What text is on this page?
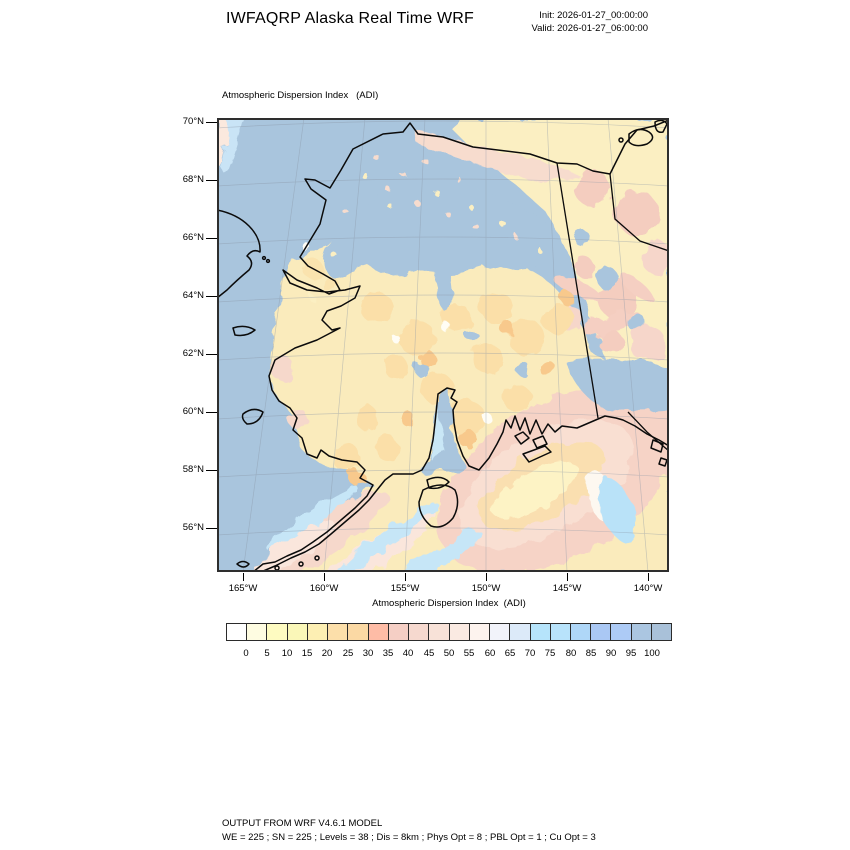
IWFAQRP Alaska Real Time WRF	Init: 2026-01-27_00:00:00
Valid: 2026-01-27_06:00:00
Atmospheric Dispersion Index   (ADI)
70°N
68°N
66°N
64°N
62°N
60°N
58°N
56°N
165°W	160°W	155°W	150°W	145°W	140°W
Atmospheric Dispersion Index  (ADI)
0	5	10 15 20	25 30 35 40	45 50 55	60 65 70 75	80 85 90 95 100
OUTPUT FROM WRF V4.6.1 MODEL
WE = 225 ; SN = 225 ; Levels = 38 ; Dis = 8km ; Phys Opt = 8 ; PBL Opt = 1 ; Cu Opt = 3
